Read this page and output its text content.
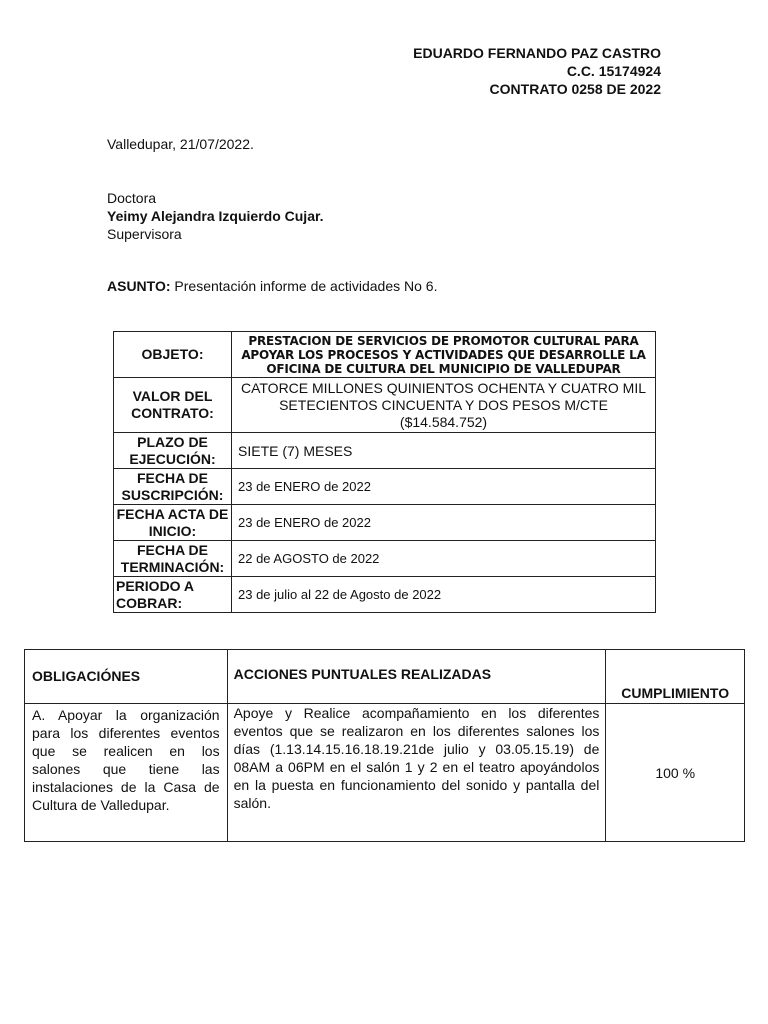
EDUARDO FERNANDO PAZ CASTRO
C.C. 15174924
CONTRATO 0258 DE 2022
Valledupar, 21/07/2022.
Doctora
Yeimy Alejandra Izquierdo Cujar.
Supervisora
ASUNTO: Presentación informe de actividades No 6.
OBJETO:	PRESTACION DE SERVICIOS DE PROMOTOR CULTURAL PARA APOYAR LOS PROCESOS Y ACTIVIDADES QUE DESARROLLE LA OFICINA DE CULTURA DEL MUNICIPIO DE VALLEDUPAR
VALOR DEL CONTRATO:	CATORCE MILLONES QUINIENTOS OCHENTA Y CUATRO MIL SETECIENTOS CINCUENTA Y DOS PESOS M/CTE ($14.584.752)
PLAZO DE EJECUCIÓN:	SIETE (7) MESES
FECHA DE SUSCRIPCIÓN:	23 de ENERO de 2022
FECHA ACTA DE INICIO:	23 de ENERO de 2022
FECHA DE TERMINACIÓN:	22 de AGOSTO de 2022
PERIODO A COBRAR:	23 de julio al 22 de Agosto de 2022
OBLIGACIÓNES	ACCIONES PUNTUALES REALIZADAS	CUMPLIMIENTO
A. Apoyar la organización para los diferentes eventos que se realicen en los salones que tiene las instalaciones de la Casa de Cultura de Valledupar.	Apoye y Realice acompañamiento en los diferentes eventos que se realizaron en los diferentes salones los días (1.13.14.15.16.18.19.21de julio y 03.05.15.19) de 08AM a 06PM en el salón 1 y 2 en el teatro apoyándolos en la puesta en funcionamiento del sonido y pantalla del salón.	100 %
